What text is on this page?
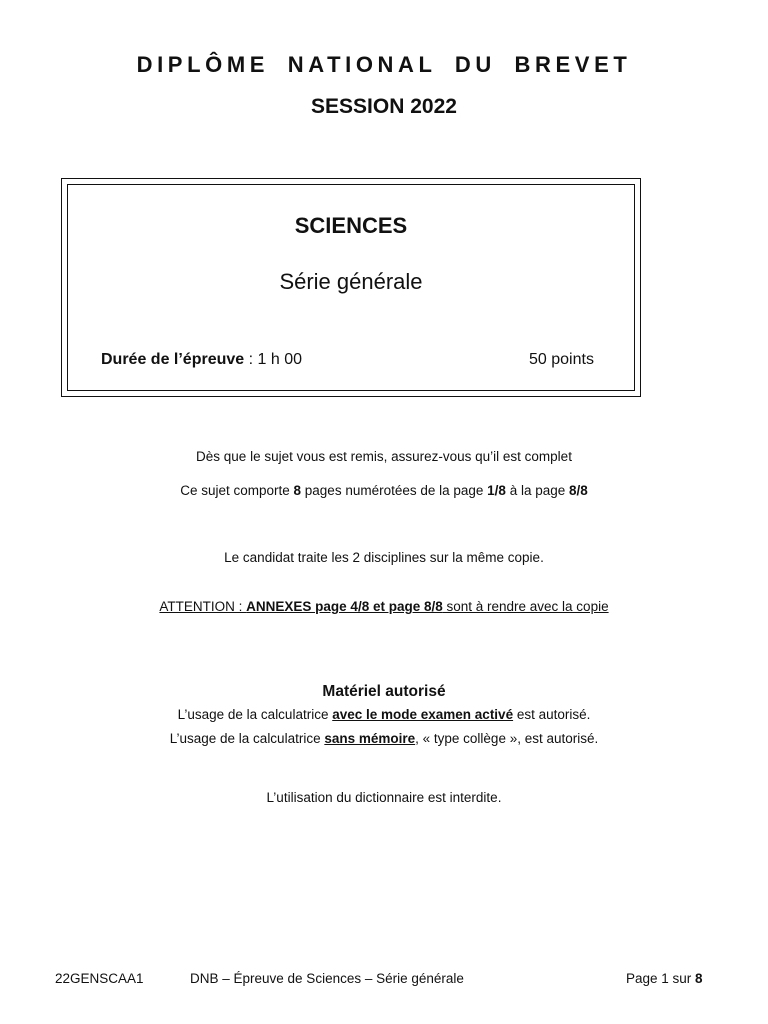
DIPLÔME NATIONAL DU BREVET
SESSION 2022
SCIENCES
Série générale
Durée de l’épreuve : 1 h 00	50 points
Dès que le sujet vous est remis, assurez-vous qu’il est complet
Ce sujet comporte 8 pages numérotées de la page 1/8 à la page 8/8
Le candidat traite les 2 disciplines sur la même copie.
ATTENTION : ANNEXES page 4/8 et page 8/8 sont à rendre avec la copie
Matériel autorisé
L’usage de la calculatrice avec le mode examen activé est autorisé.
L’usage de la calculatrice sans mémoire, « type collège », est autorisé.
L’utilisation du dictionnaire est interdite.
22GENSCAA1	DNB – Épreuve de Sciences – Série générale	Page 1 sur 8
